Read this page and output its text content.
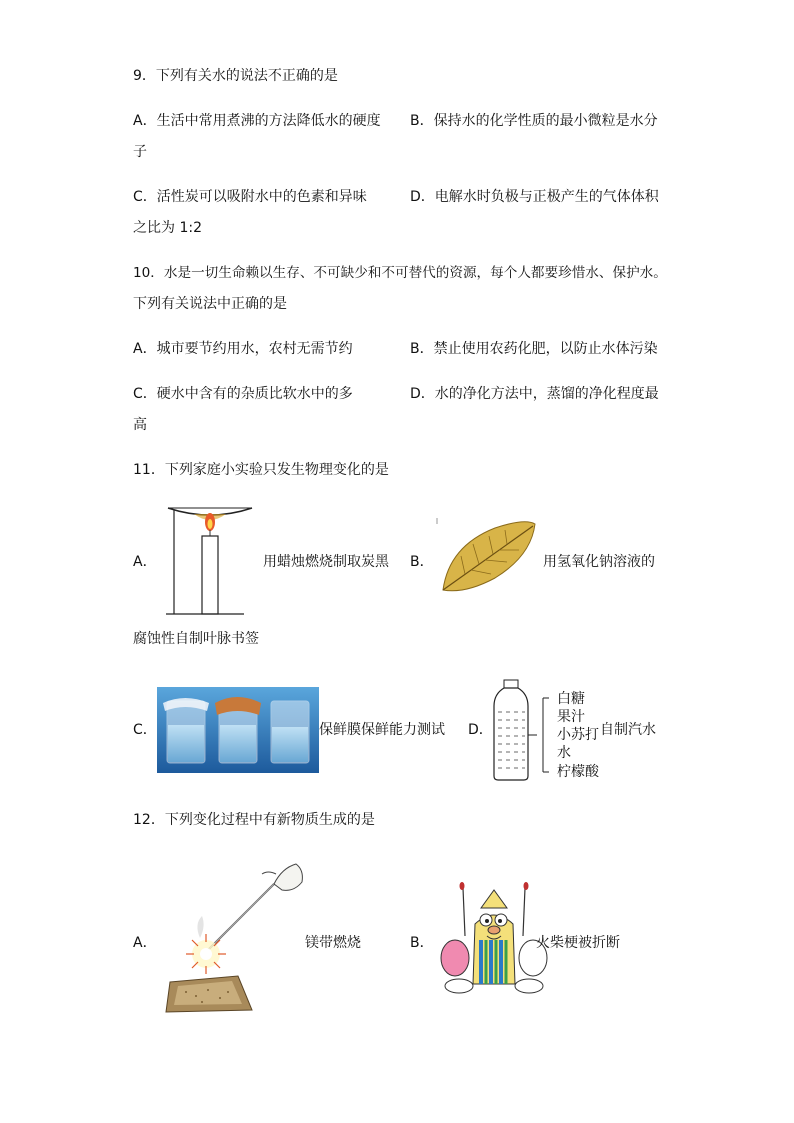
9．下列有关水的说法不正确的是
A．生活中常用煮沸的方法降低水的硬度 B．保持水的化学性质的最小微粒是水分
子
C．活性炭可以吸附水中的色素和异味	D．电解水时负极与正极产生的气体体积
之比为 1:2
10．水是一切生命赖以生存、不可缺少和不可替代的资源，每个人都要珍惜水、保护水。
下列有关说法中正确的是
A．城市要节约用水，农村无需节约	B．禁止使用农药化肥，以防止水体污染
C．硬水中含有的杂质比软水中的多	D．水的净化方法中，蒸馏的净化程度最
高
11．下列家庭小实验只发生物理变化的是
A．	用蜡烛燃烧制取炭黑 B．	用氢氧化钠溶液的
腐蚀性自制叶脉书签
C．	保鲜膜保鲜能力测试 D．
白糖
果汁
小苏打
水
柠檬酸
自制汽水
12．下列变化过程中有新物质生成的是
A．	镁带燃烧	B．	火柴梗被折断
